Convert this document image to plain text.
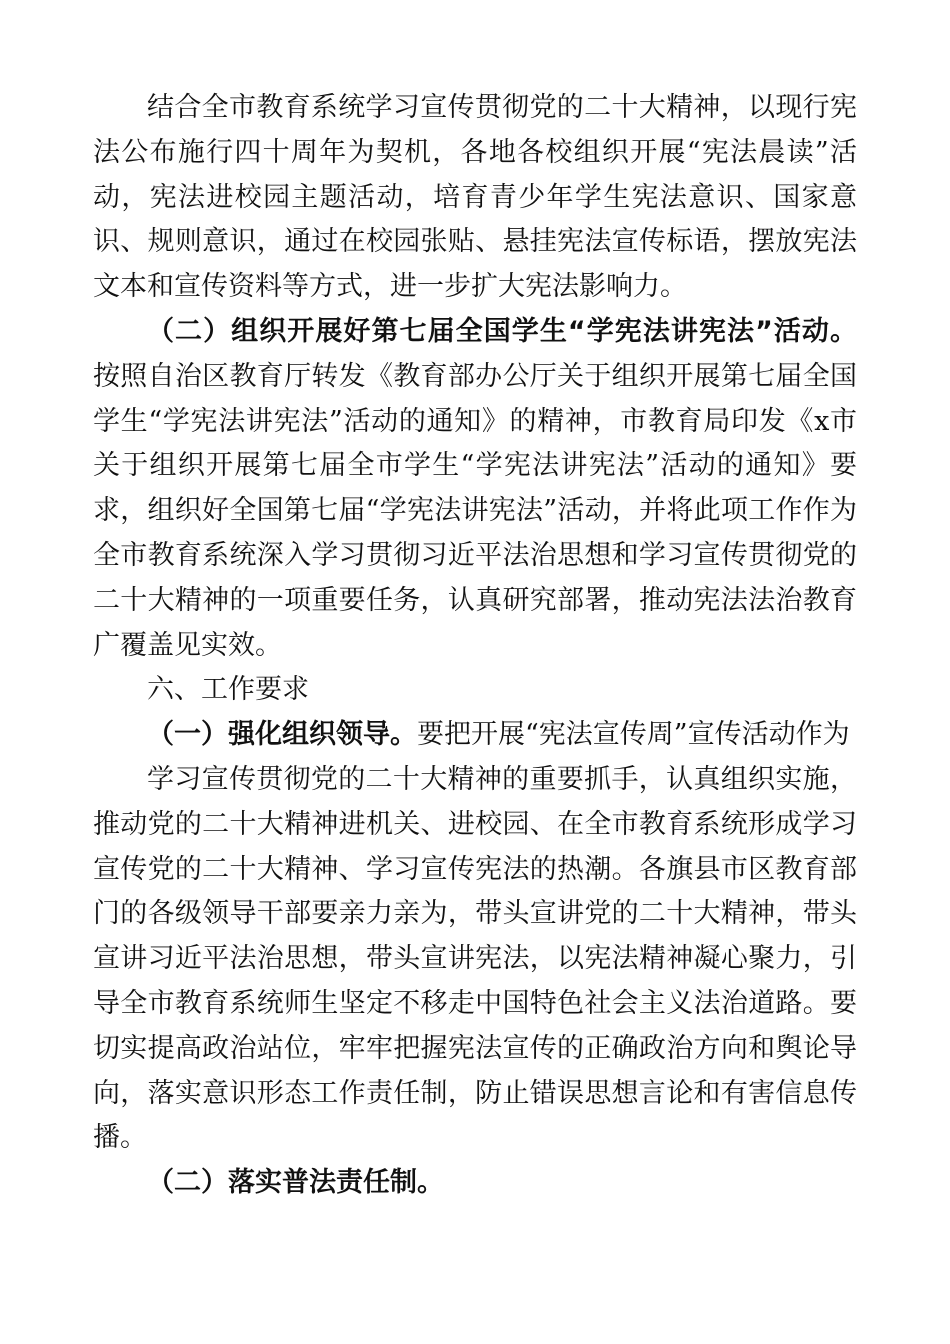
结合全市教育系统学习宣传贯彻党的二十大精神，以现行宪法公布施行四十周年为契机，各地各校组织开展“宪法晨读”活动，宪法进校园主题活动，培育青少年学生宪法意识、国家意识、规则意识，通过在校园张贴、悬挂宪法宣传标语，摆放宪法文本和宣传资料等方式，进一步扩大宪法影响力。

（二）组织开展好第七届全国学生“学宪法讲宪法”活动。按照自治区教育厅转发《教育部办公厅关于组织开展第七届全国学生“学宪法讲宪法”活动的通知》的精神，市教育局印发《x市关于组织开展第七届全市学生“学宪法讲宪法”活动的通知》要求，组织好全国第七届“学宪法讲宪法”活动，并将此项工作作为全市教育系统深入学习贯彻习近平法治思想和学习宣传贯彻党的二十大精神的一项重要任务，认真研究部署，推动宪法法治教育广覆盖见实效。

六、工作要求

（一）强化组织领导。要把开展“宪法宣传周”宣传活动作为

学习宣传贯彻党的二十大精神的重要抓手，认真组织实施，推动党的二十大精神进机关、进校园、在全市教育系统形成学习宣传党的二十大精神、学习宣传宪法的热潮。各旗县市区教育部门的各级领导干部要亲力亲为，带头宣讲党的二十大精神，带头宣讲习近平法治思想，带头宣讲宪法，以宪法精神凝心聚力，引导全市教育系统师生坚定不移走中国特色社会主义法治道路。要切实提高政治站位，牢牢把握宪法宣传的正确政治方向和舆论导向，落实意识形态工作责任制，防止错误思想言论和有害信息传播。

（二）落实普法责任制。
